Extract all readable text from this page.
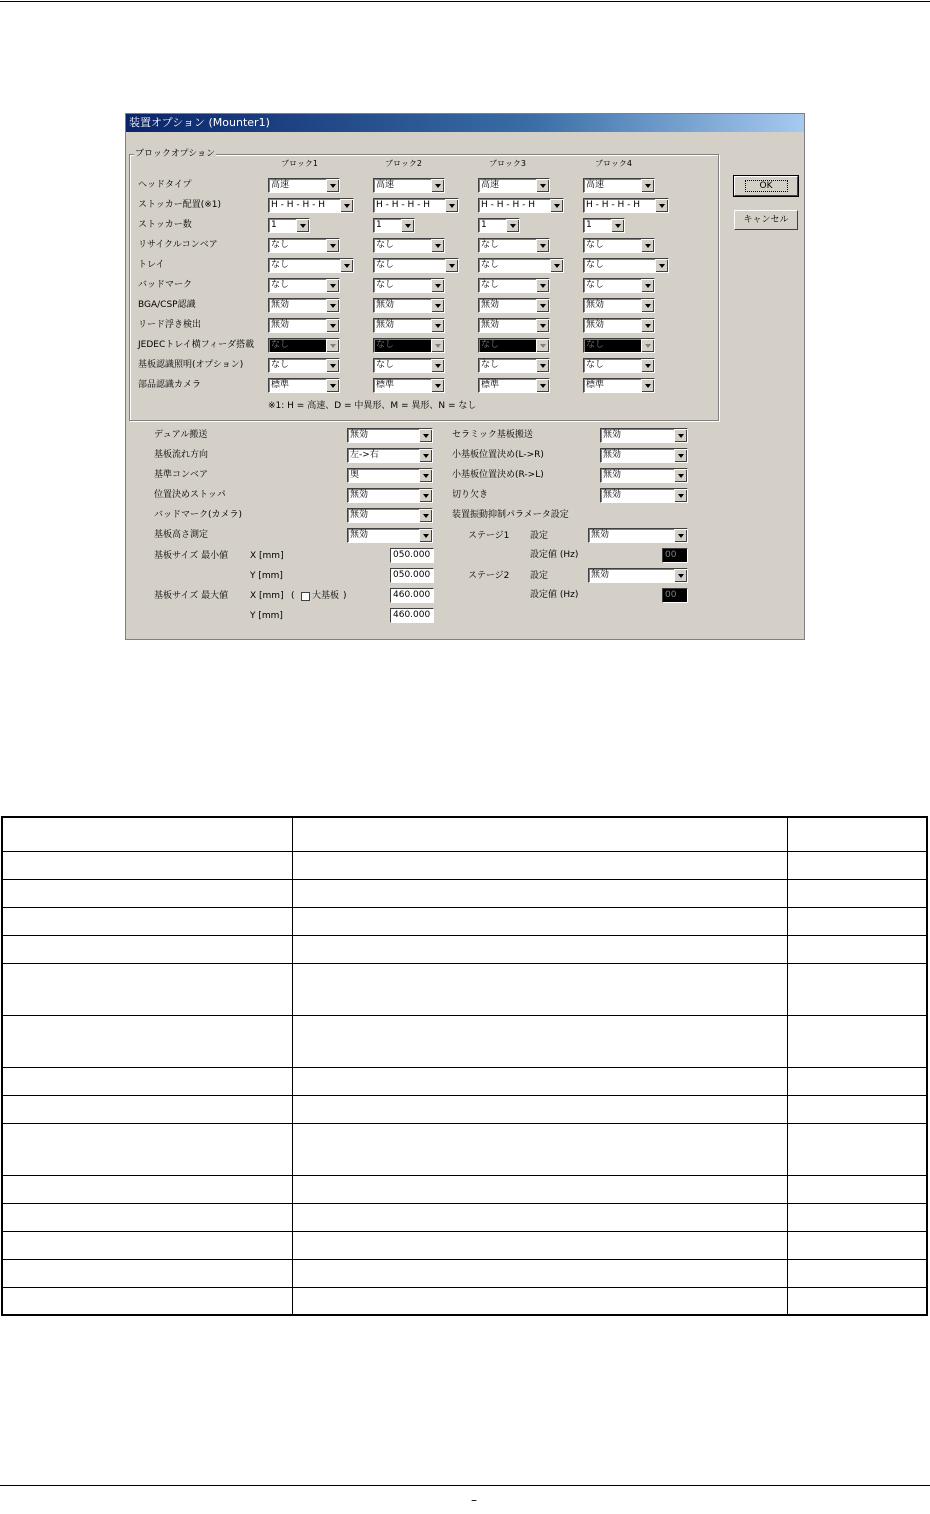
装置オプション (Mounter1)
ブロックオプション
ブロック1	ブロック2	ブロック3	ブロック4
ヘッドタイプ	高速	高速	高速	高速
ストッカー配置(※1)	H - H - H - H	H - H - H - H	H - H - H - H	H - H - H - H
ストッカー数	1	1	1	1
リサイクルコンベア	なし	なし	なし	なし
トレイ	なし	なし	なし	なし
バッドマーク	なし	なし	なし	なし
BGA/CSP認識	無効	無効	無効	無効
リード浮き検出	無効	無効	無効	無効
JEDECトレイ横フィーダ搭載 なし	なし	なし	なし
基板認識照明(オプション)	なし	なし	なし	なし
部品認識カメラ	標準	標準	標準	標準
※1: H = 高速、D = 中異形、M = 異形、N = なし
デュアル搬送	無効
基板流れ方向	左->右
基準コンベア	奥
位置決めストッパ	無効
バッドマーク(カメラ)	無効
基板高さ測定	無効
セラミック基板搬送	無効
小基板位置決め(L->R)	無効
小基板位置決め(R->L)	無効
切り欠き	無効
基板サイズ 最小値 X [mm]	050.000
Y [mm]	050.000
基板サイズ 最大値 X [mm] ( 大基板 )	460.000
Y [mm]	460.000
装置振動抑制パラメータ設定
ステージ1 設定	無効
設定値 (Hz)	00
ステージ2 設定	無効
設定値 (Hz)	00
OK
キャンセル

–
